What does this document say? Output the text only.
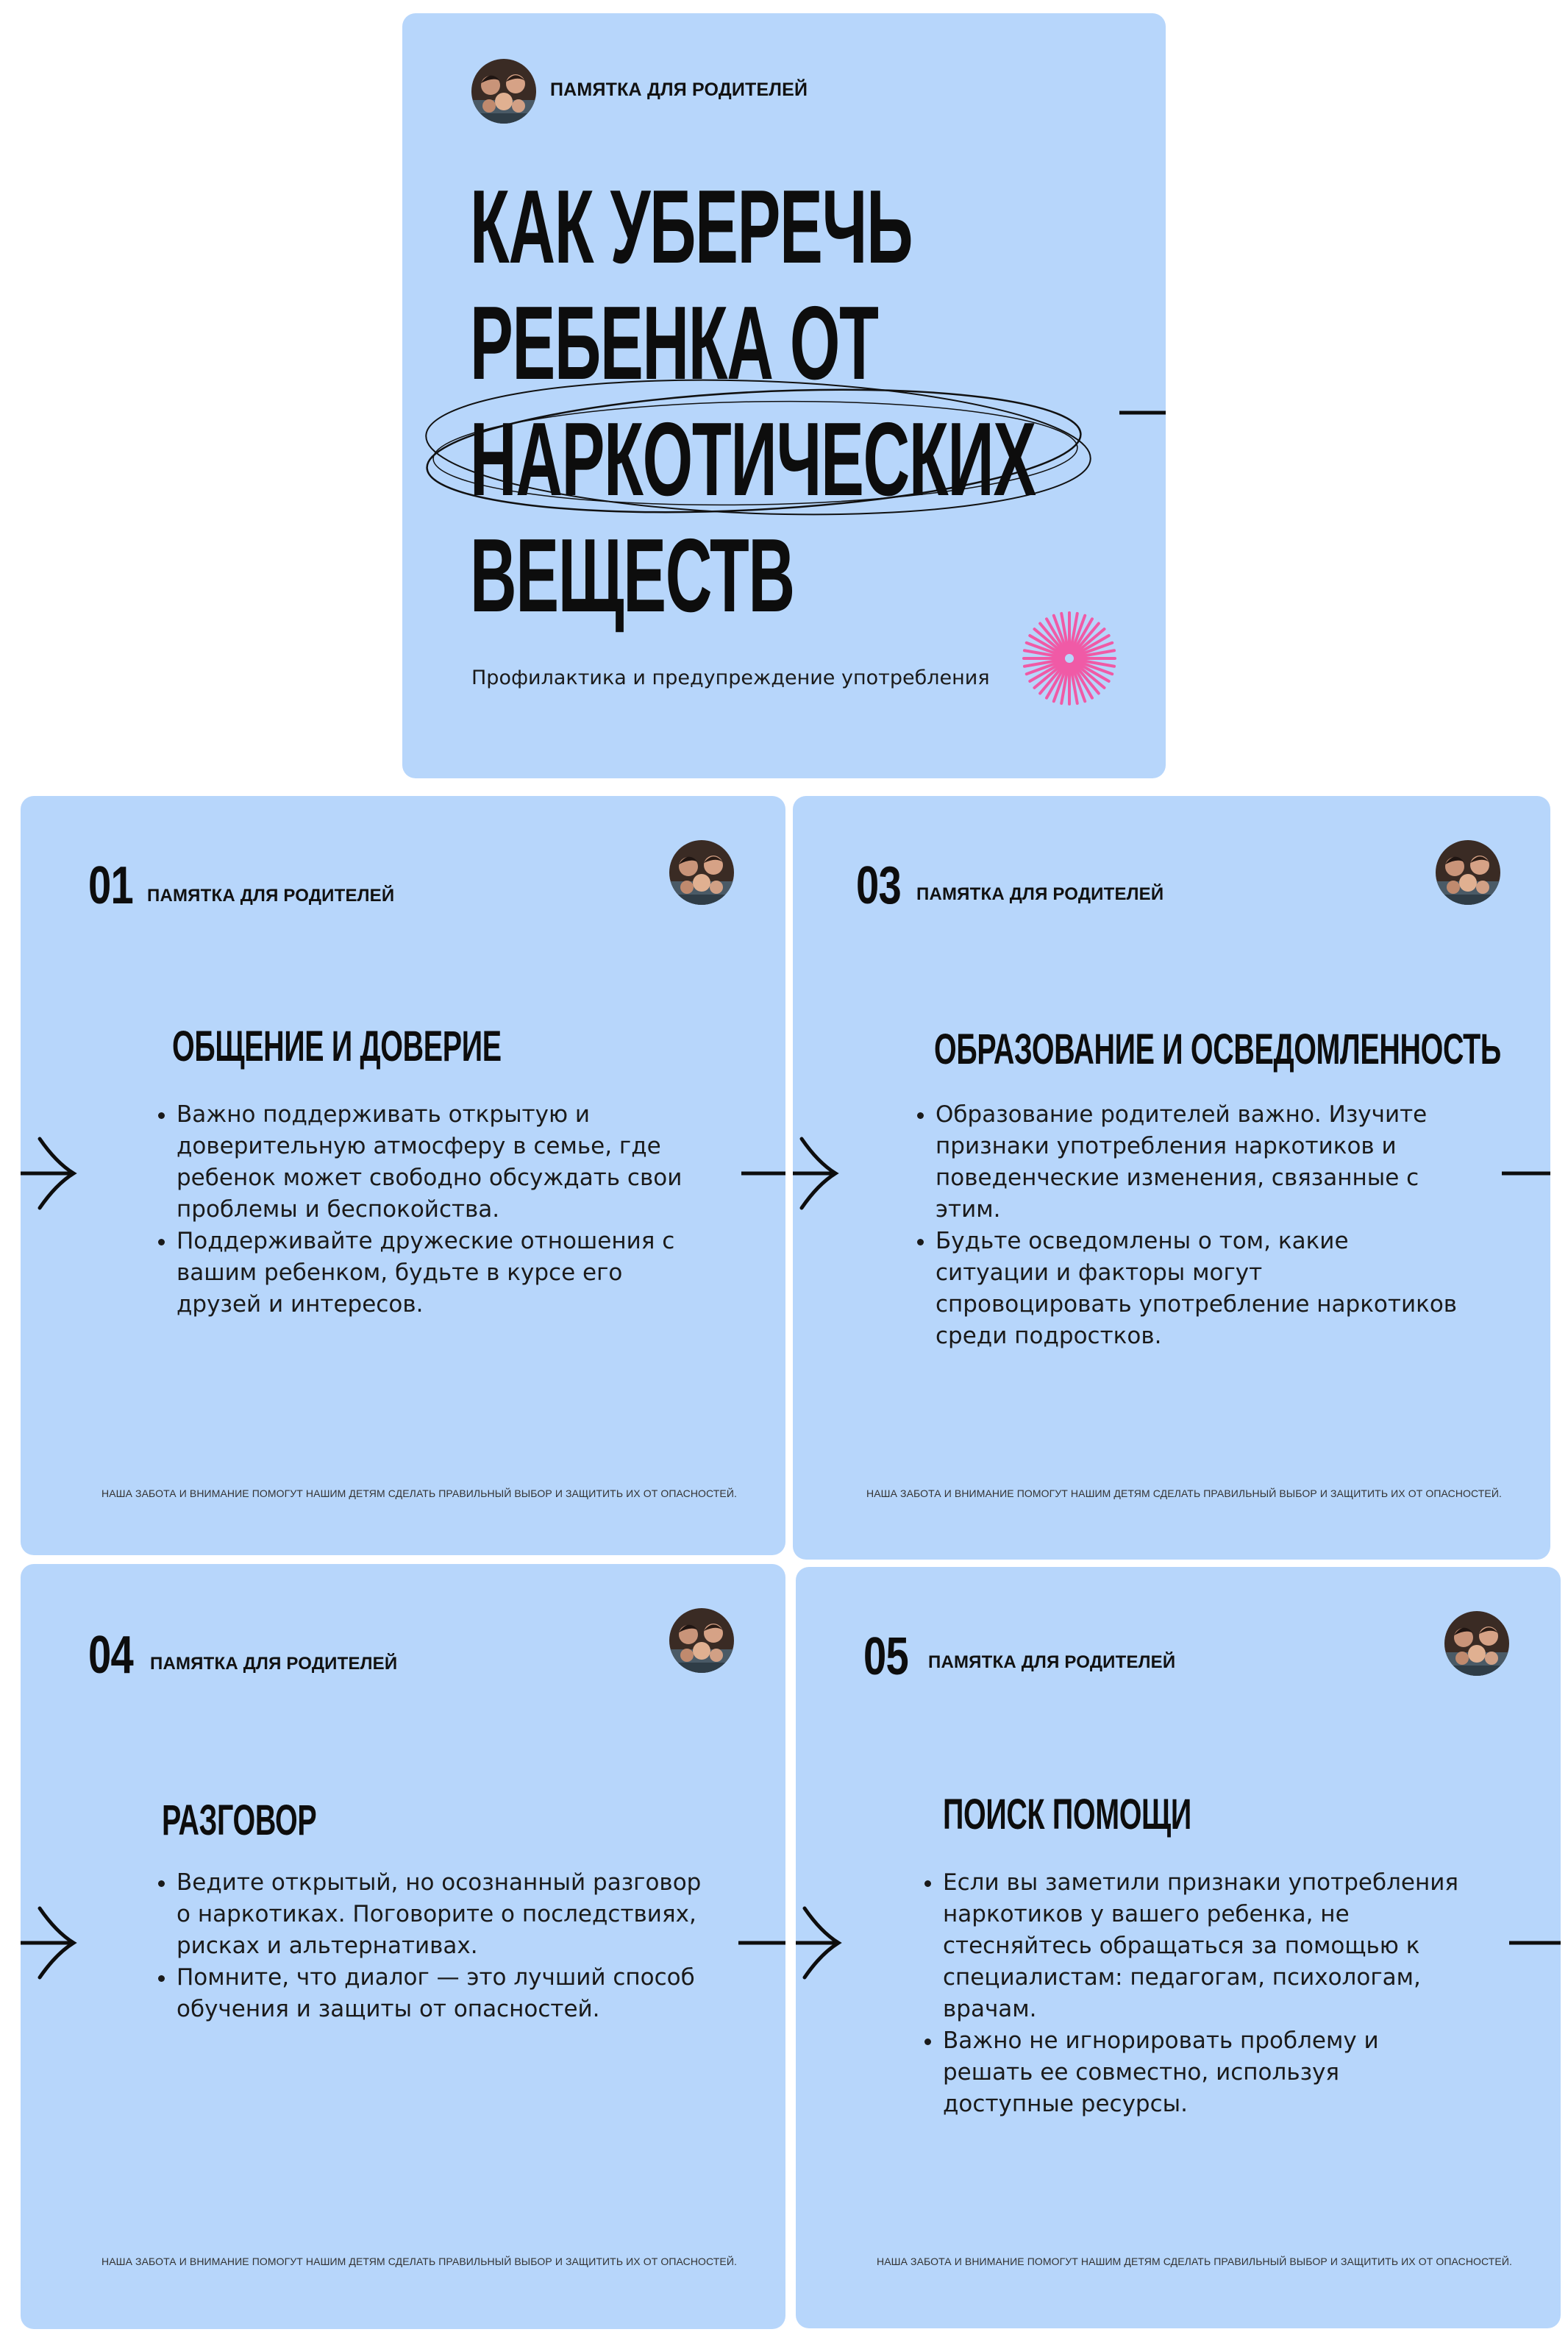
ПАМЯТКА ДЛЯ РОДИТЕЛЕЙ
КАК УБЕРЕЧЬ
РЕБЕНКА ОТ
НАРКОТИЧЕСКИХ
ВЕЩЕСТВ
Профилактика и предупреждение употребления
01 ПАМЯТКА ДЛЯ РОДИТЕЛЕЙ
ОБЩЕНИЕ И ДОВЕРИЕ
• Важно поддерживать открытую и доверительную атмосферу в семье, где ребенок может свободно обсуждать свои проблемы и беспокойства.
• Поддерживайте дружеские отношения с вашим ребенком, будьте в курсе его друзей и интересов.
НАША ЗАБОТА И ВНИМАНИЕ ПОМОГУТ НАШИМ ДЕТЯМ СДЕЛАТЬ ПРАВИЛЬНЫЙ ВЫБОР И ЗАЩИТИТЬ ИХ ОТ ОПАСНОСТЕЙ.
03 ПАМЯТКА ДЛЯ РОДИТЕЛЕЙ
ОБРАЗОВАНИЕ И ОСВЕДОМЛЕННОСТЬ
• Образование родителей важно. Изучите признаки употребления наркотиков и поведенческие изменения, связанные с этим.
• Будьте осведомлены о том, какие ситуации и факторы могут спровоцировать употребление наркотиков среди подростков.
НАША ЗАБОТА И ВНИМАНИЕ ПОМОГУТ НАШИМ ДЕТЯМ СДЕЛАТЬ ПРАВИЛЬНЫЙ ВЫБОР И ЗАЩИТИТЬ ИХ ОТ ОПАСНОСТЕЙ.
04 ПАМЯТКА ДЛЯ РОДИТЕЛЕЙ
РАЗГОВОР
• Ведите открытый, но осознанный разговор о наркотиках. Поговорите о последствиях, рисках и альтернативах.
• Помните, что диалог — это лучший способ обучения и защиты от опасностей.
НАША ЗАБОТА И ВНИМАНИЕ ПОМОГУТ НАШИМ ДЕТЯМ СДЕЛАТЬ ПРАВИЛЬНЫЙ ВЫБОР И ЗАЩИТИТЬ ИХ ОТ ОПАСНОСТЕЙ.
05 ПАМЯТКА ДЛЯ РОДИТЕЛЕЙ
ПОИСК ПОМОЩИ
• Если вы заметили признаки употребления наркотиков у вашего ребенка, не стесняйтесь обращаться за помощью к специалистам: педагогам, психологам, врачам.
• Важно не игнорировать проблему и решать ее совместно, используя доступные ресурсы.
НАША ЗАБОТА И ВНИМАНИЕ ПОМОГУТ НАШИМ ДЕТЯМ СДЕЛАТЬ ПРАВИЛЬНЫЙ ВЫБОР И ЗАЩИТИТЬ ИХ ОТ ОПАСНОСТЕЙ.
